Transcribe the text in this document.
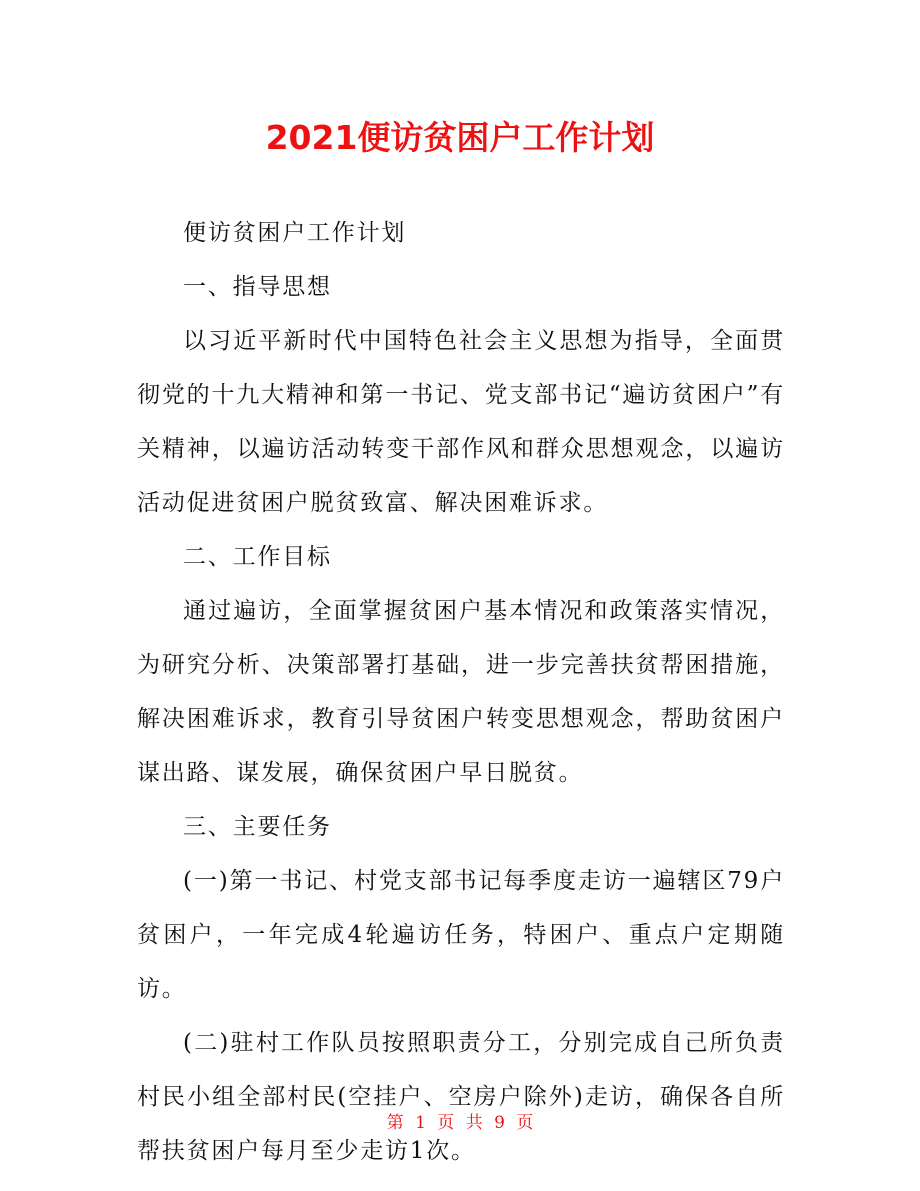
2021便访贫困户工作计划

便访贫困户工作计划

一、指导思想

以习近平新时代中国特色社会主义思想为指导，全面贯彻党的十九大精神和第一书记、党支部书记“遍访贫困户”有关精神，以遍访活动转变干部作风和群众思想观念，以遍访活动促进贫困户脱贫致富、解决困难诉求。

二、工作目标

通过遍访，全面掌握贫困户基本情况和政策落实情况，为研究分析、决策部署打基础，进一步完善扶贫帮困措施，解决困难诉求，教育引导贫困户转变思想观念，帮助贫困户谋出路、谋发展，确保贫困户早日脱贫。

三、主要任务

(一)第一书记、村党支部书记每季度走访一遍辖区79户贫困户，一年完成4轮遍访任务，特困户、重点户定期随访。

(二)驻村工作队员按照职责分工，分别完成自己所负责村民小组全部村民(空挂户、空房户除外)走访，确保各自所帮扶贫困户每月至少走访1次。

第 1 页 共 9 页
